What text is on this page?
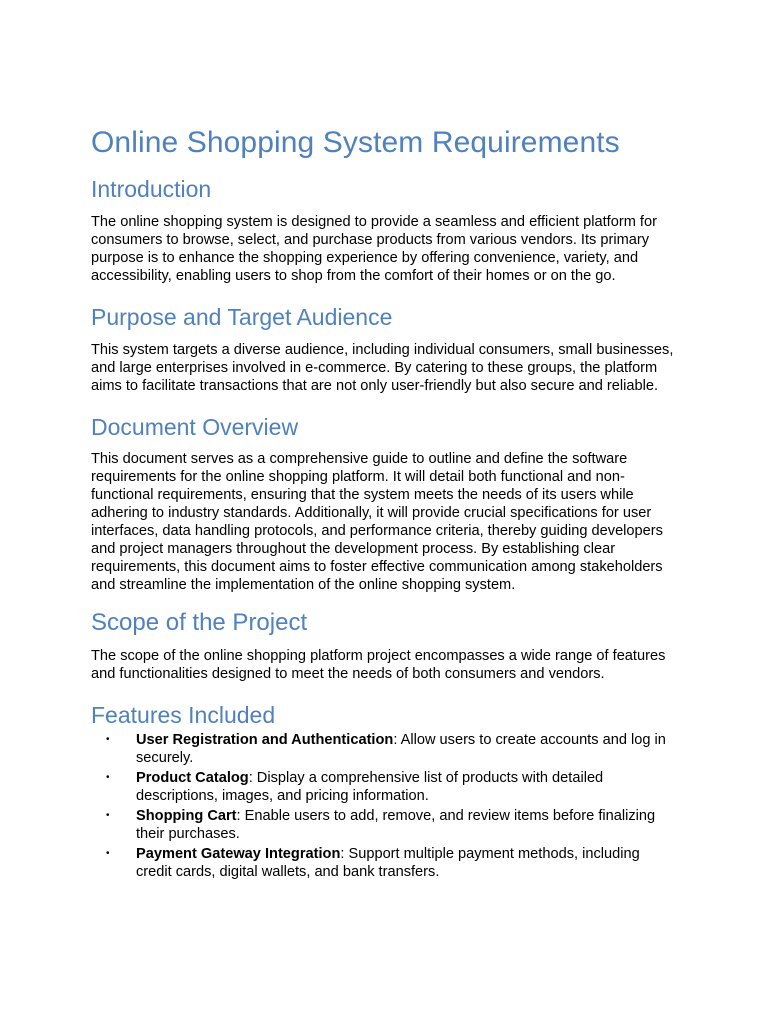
Online Shopping System Requirements
Introduction

The online shopping system is designed to provide a seamless and efficient platform for consumers to browse, select, and purchase products from various vendors. Its primary purpose is to enhance the shopping experience by offering convenience, variety, and accessibility, enabling users to shop from the comfort of their homes or on the go.

Purpose and Target Audience

This system targets a diverse audience, including individual consumers, small businesses, and large enterprises involved in e-commerce. By catering to these groups, the platform aims to facilitate transactions that are not only user-friendly but also secure and reliable.

Document Overview

This document serves as a comprehensive guide to outline and define the software requirements for the online shopping platform. It will detail both functional and non-functional requirements, ensuring that the system meets the needs of its users while adhering to industry standards. Additionally, it will provide crucial specifications for user interfaces, data handling protocols, and performance criteria, thereby guiding developers and project managers throughout the development process. By establishing clear requirements, this document aims to foster effective communication among stakeholders and streamline the implementation of the online shopping system.

Scope of the Project

The scope of the online shopping platform project encompasses a wide range of features and functionalities designed to meet the needs of both consumers and vendors.

Features Included
• User Registration and Authentication: Allow users to create accounts and log in securely.
• Product Catalog: Display a comprehensive list of products with detailed descriptions, images, and pricing information.
• Shopping Cart: Enable users to add, remove, and review items before finalizing their purchases.
• Payment Gateway Integration: Support multiple payment methods, including credit cards, digital wallets, and bank transfers.
